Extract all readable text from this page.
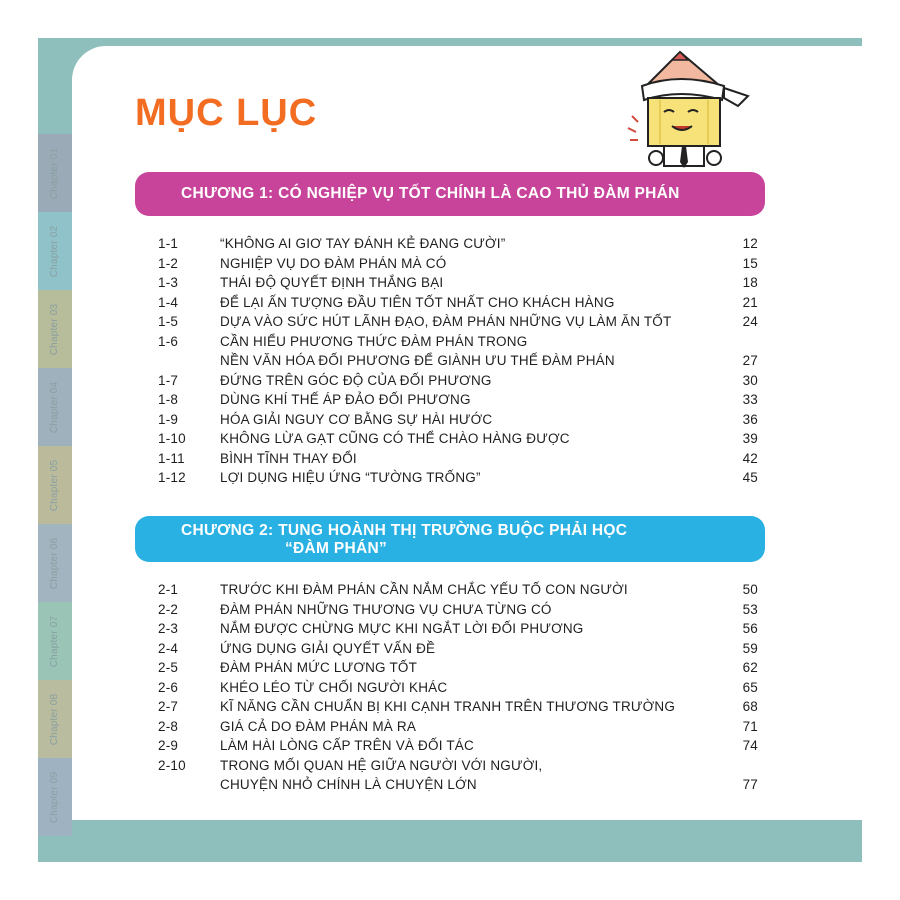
Chapter 01
Chapter 02
Chapter 03
Chapter 04
Chapter 05
Chapter 06
Chapter 07
Chapter 08
Chapter 09
MỤC LỤC
CHƯƠNG 1: CÓ NGHIỆP VỤ TỐT CHÍNH LÀ CAO THỦ ĐÀM PHÁN
1-1	“KHÔNG AI GIƠ TAY ĐÁNH KẺ ĐANG CƯỜI”	12
1-2	NGHIỆP VỤ DO ĐÀM PHÁN MÀ CÓ	15
1-3	THÁI ĐỘ QUYẾT ĐỊNH THẮNG BẠI	18
1-4	ĐỂ LẠI ẤN TƯỢNG ĐẦU TIÊN TỐT NHẤT CHO KHÁCH HÀNG	21
1-5	DỰA VÀO SỨC HÚT LÃNH ĐẠO, ĐÀM PHÁN NHỮNG VỤ LÀM ĂN TỐT	24
1-6	CẦN HIỂU PHƯƠNG THỨC ĐÀM PHÁN TRONG
NỀN VĂN HÓA ĐỐI PHƯƠNG ĐỂ GIÀNH ƯU THẾ ĐÀM PHÁN	27
1-7	ĐỨNG TRÊN GÓC ĐỘ CỦA ĐỐI PHƯƠNG	30
1-8	DÙNG KHÍ THẾ ÁP ĐẢO ĐỐI PHƯƠNG	33
1-9	HÓA GIẢI NGUY CƠ BẰNG SỰ HÀI HƯỚC	36
1-10	KHÔNG LỪA GẠT CŨNG CÓ THỂ CHÀO HÀNG ĐƯỢC	39
1-11	BÌNH TĨNH THAY ĐỔI	42
1-12	LỢI DỤNG HIỆU ỨNG “TƯỜNG TRỐNG”	45
CHƯƠNG 2: TUNG HOÀNH THỊ TRƯỜNG BUỘC PHẢI HỌC
“ĐÀM PHÁN”
2-1	TRƯỚC KHI ĐÀM PHÁN CẦN NẮM CHẮC YẾU TỐ CON NGƯỜI	50
2-2	ĐÀM PHÁN NHỮNG THƯƠNG VỤ CHƯA TỪNG CÓ	53
2-3	NẮM ĐƯỢC CHỪNG MỰC KHI NGẮT LỜI ĐỐI PHƯƠNG	56
2-4	ỨNG DỤNG GIẢI QUYẾT VẤN ĐỀ	59
2-5	ĐÀM PHÁN MỨC LƯƠNG TỐT	62
2-6	KHÉO LÉO TỪ CHỐI NGƯỜI KHÁC	65
2-7	KĨ NĂNG CẦN CHUẨN BỊ KHI CẠNH TRANH TRÊN THƯƠNG TRƯỜNG	68
2-8	GIÁ CẢ DO ĐÀM PHÁN MÀ RA	71
2-9	LÀM HÀI LÒNG CẤP TRÊN VÀ ĐỐI TÁC	74
2-10	TRONG MỐI QUAN HỆ GIỮA NGƯỜI VỚI NGƯỜI,
CHUYỆN NHỎ CHÍNH LÀ CHUYỆN LỚN	77
